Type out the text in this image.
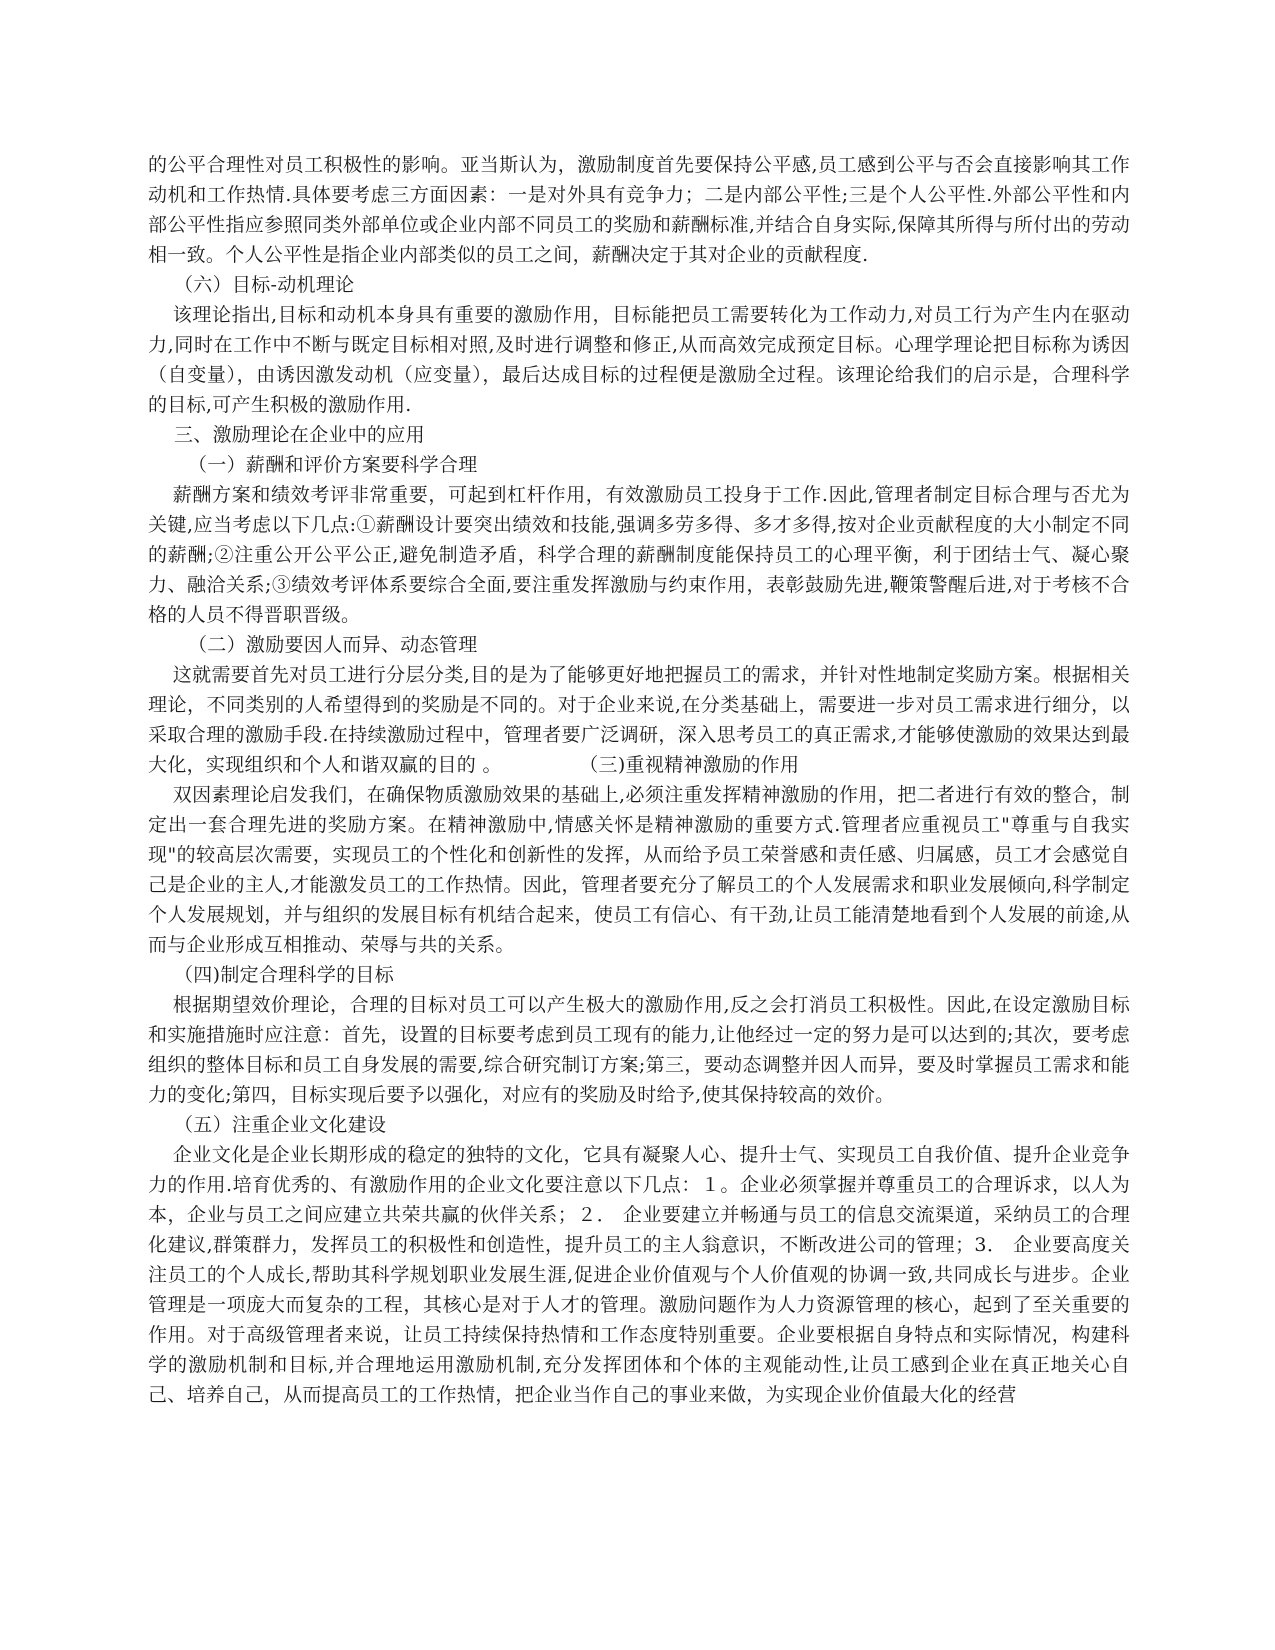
的公平合理性对员工积极性的影响。亚当斯认为，激励制度首先要保持公平感,员工感到公平与否会直接影响其工作动机和工作热情.具体要考虑三方面因素：一是对外具有竞争力；二是内部公平性;三是个人公平性.外部公平性和内部公平性指应参照同类外部单位或企业内部不同员工的奖励和薪酬标准,并结合自身实际,保障其所得与所付出的劳动相一致。个人公平性是指企业内部类似的员工之间，薪酬决定于其对企业的贡献程度.

（六）目标-动机理论

该理论指出,目标和动机本身具有重要的激励作用，目标能把员工需要转化为工作动力,对员工行为产生内在驱动力,同时在工作中不断与既定目标相对照,及时进行调整和修正,从而高效完成预定目标。心理学理论把目标称为诱因（自变量），由诱因激发动机（应变量），最后达成目标的过程便是激励全过程。该理论给我们的启示是，合理科学的目标,可产生积极的激励作用.

三、激励理论在企业中的应用

（一）薪酬和评价方案要科学合理

薪酬方案和绩效考评非常重要，可起到杠杆作用，有效激励员工投身于工作.因此,管理者制定目标合理与否尤为关键,应当考虑以下几点:①薪酬设计要突出绩效和技能,强调多劳多得、多才多得,按对企业贡献程度的大小制定不同的薪酬;②注重公开公平公正,避免制造矛盾，科学合理的薪酬制度能保持员工的心理平衡，利于团结士气、凝心聚力、融洽关系;③绩效考评体系要综合全面,要注重发挥激励与约束作用，表彰鼓励先进,鞭策警醒后进,对于考核不合格的人员不得晋职晋级。

（二）激励要因人而异、动态管理

这就需要首先对员工进行分层分类,目的是为了能够更好地把握员工的需求，并针对性地制定奖励方案。根据相关理论，不同类别的人希望得到的奖励是不同的。对于企业来说,在分类基础上，需要进一步对员工需求进行细分，以采取合理的激励手段.在持续激励过程中，管理者要广泛调研，深入思考员工的真正需求,才能够使激励的效果达到最大化，实现组织和个人和谐双赢的目的 。　　　　　（三)重视精神激励的作用

双因素理论启发我们，在确保物质激励效果的基础上,必须注重发挥精神激励的作用，把二者进行有效的整合，制定出一套合理先进的奖励方案。在精神激励中,情感关怀是精神激励的重要方式.管理者应重视员工"尊重与自我实现"的较高层次需要，实现员工的个性化和创新性的发挥，从而给予员工荣誉感和责任感、归属感，员工才会感觉自己是企业的主人,才能激发员工的工作热情。因此，管理者要充分了解员工的个人发展需求和职业发展倾向,科学制定个人发展规划，并与组织的发展目标有机结合起来，使员工有信心、有干劲,让员工能清楚地看到个人发展的前途,从而与企业形成互相推动、荣辱与共的关系。

（四)制定合理科学的目标

根据期望效价理论，合理的目标对员工可以产生极大的激励作用,反之会打消员工积极性。因此,在设定激励目标和实施措施时应注意：首先，设置的目标要考虑到员工现有的能力,让他经过一定的努力是可以达到的;其次，要考虑组织的整体目标和员工自身发展的需要,综合研究制订方案;第三，要动态调整并因人而异，要及时掌握员工需求和能力的变化;第四，目标实现后要予以强化，对应有的奖励及时给予,使其保持较高的效价。

（五）注重企业文化建设

企业文化是企业长期形成的稳定的独特的文化，它具有凝聚人心、提升士气、实现员工自我价值、提升企业竞争力的作用.培育优秀的、有激励作用的企业文化要注意以下几点：１。企业必须掌握并尊重员工的合理诉求，以人为本，企业与员工之间应建立共荣共赢的伙伴关系；２． 企业要建立并畅通与员工的信息交流渠道，采纳员工的合理化建议,群策群力，发挥员工的积极性和创造性，提升员工的主人翁意识，不断改进公司的管理；3． 企业要高度关注员工的个人成长,帮助其科学规划职业发展生涯,促进企业价值观与个人价值观的协调一致,共同成长与进步。企业管理是一项庞大而复杂的工程，其核心是对于人才的管理。激励问题作为人力资源管理的核心，起到了至关重要的作用。对于高级管理者来说，让员工持续保持热情和工作态度特别重要。企业要根据自身特点和实际情况，构建科学的激励机制和目标,并合理地运用激励机制,充分发挥团体和个体的主观能动性,让员工感到企业在真正地关心自己、培养自己，从而提高员工的工作热情，把企业当作自己的事业来做，为实现企业价值最大化的经营
